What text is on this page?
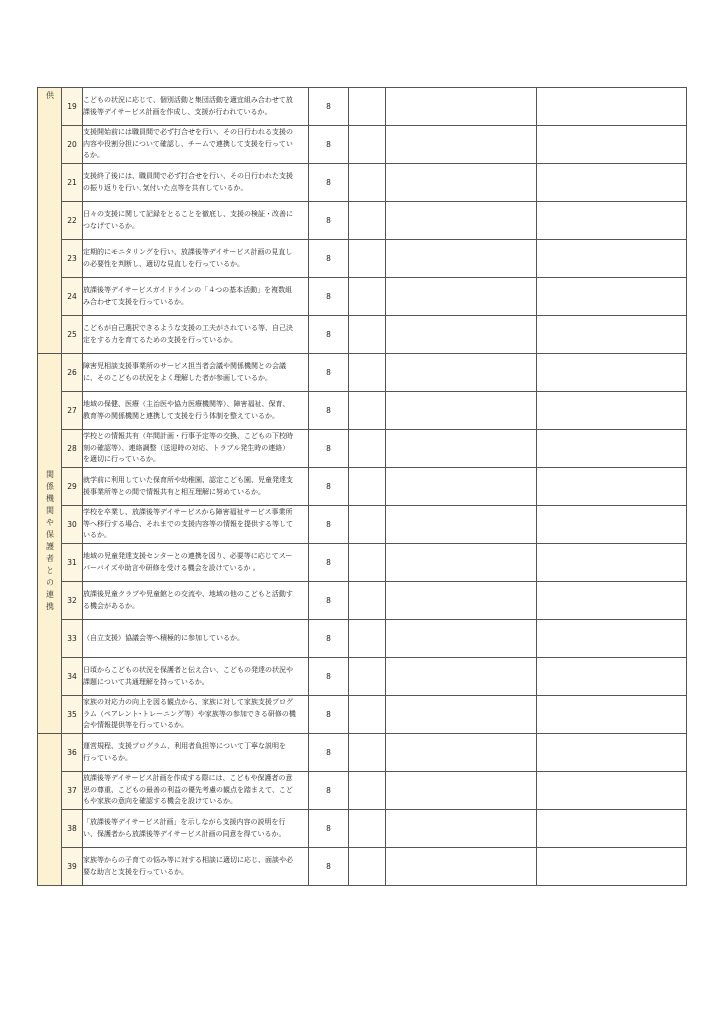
供	19	こどもの状況に応じて、個別活動と集団活動を適宜組み合わせて放
課後等デイサービス計画を作成し、支援が行われているか。	8			
	20	支援開始前には職員間で必ず打合せを行い、その日行われる支援の
内容や役割分担について確認し、チームで連携して支援を行ってい
るか。	8			
	21	支援終了後には、職員間で必ず打合せを行い、その日行われた支援
の振り返りを行い､気付いた点等を共有しているか。	8			
	22	日々の支援に関して記録をとることを徹底し、支援の検証・改善に
つなげているか。	8			
	23	定期的にモニタリングを行い、放課後等デイサービス計画の見直し
の必要性を判断し、適切な見直しを行っているか。	8			
	24	放課後等デイサービスガイドラインの「４つの基本活動」を複数組
み合わせて支援を行っているか。	8			
	25	こどもが自己選択できるような支援の工夫がされている等、自己決
定をする力を育てるための支援を行っているか。	8			
関係機関や保護者との連携	26	障害児相談支援事業所のサービス担当者会議や関係機関との会議
に、そのこどもの状況をよく理解した者が参画しているか。	8			
	27	地域の保健、医療（主治医や協力医療機関等）、障害福祉、保育、
教育等の関係機関と連携して支援を行う体制を整えているか。	8			
	28	学校との情報共有（年間計画・行事予定等の交換、こどもの下校時
刻の確認等）、連絡調整（送迎時の対応、トラブル発生時の連絡）
を適切に行っているか。	8			
	29	就学前に利用していた保育所や幼稚園、認定こども園、児童発達支
援事業所等との間で情報共有と相互理解に努めているか。	8			
	30	学校を卒業し、放課後等デイサービスから障害福祉サービス事業所
等へ移行する場合、それまでの支援内容等の情報を提供する等して
いるか。	8			
	31	地域の児童発達支援センターとの連携を図り、必要等に応じてスー
パーバイズや助言や研修を受ける機会を設けているか 。	8			
	32	放課後児童クラブや児童館との交流や、地域の他のこどもと活動す
る機会があるか。	8			
	33	（自立支援）協議会等へ積極的に参加しているか。	8			
	34	日頃からこどもの状況を保護者と伝え合い、こどもの発達の状況や
課題について共通理解を持っているか。	8			
	35	家族の対応力の向上を図る観点から、家族に対して家族支援プログ
ラム（ペアレント･トレーニング等）や家族等の参加できる研修の機
会や情報提供等を行っているか。	8			
	36	運営規程、支援プログラム、利用者負担等について丁寧な説明を
行っているか。	8			
	37	放課後等デイサービス計画を作成する際には、こどもや保護者の意
思の尊重、こどもの最善の利益の優先考慮の観点を踏まえて、こど
もや家族の意向を確認する機会を設けているか。	8			
	38	「放課後等デイサービス計画」を示しながら支援内容の説明を行
い、保護者から放課後等デイサービス計画の同意を得ているか。	8			
	39	家族等からの子育ての悩み等に対する相談に適切に応じ、面談や必
要な助言と支援を行っているか。	8			
